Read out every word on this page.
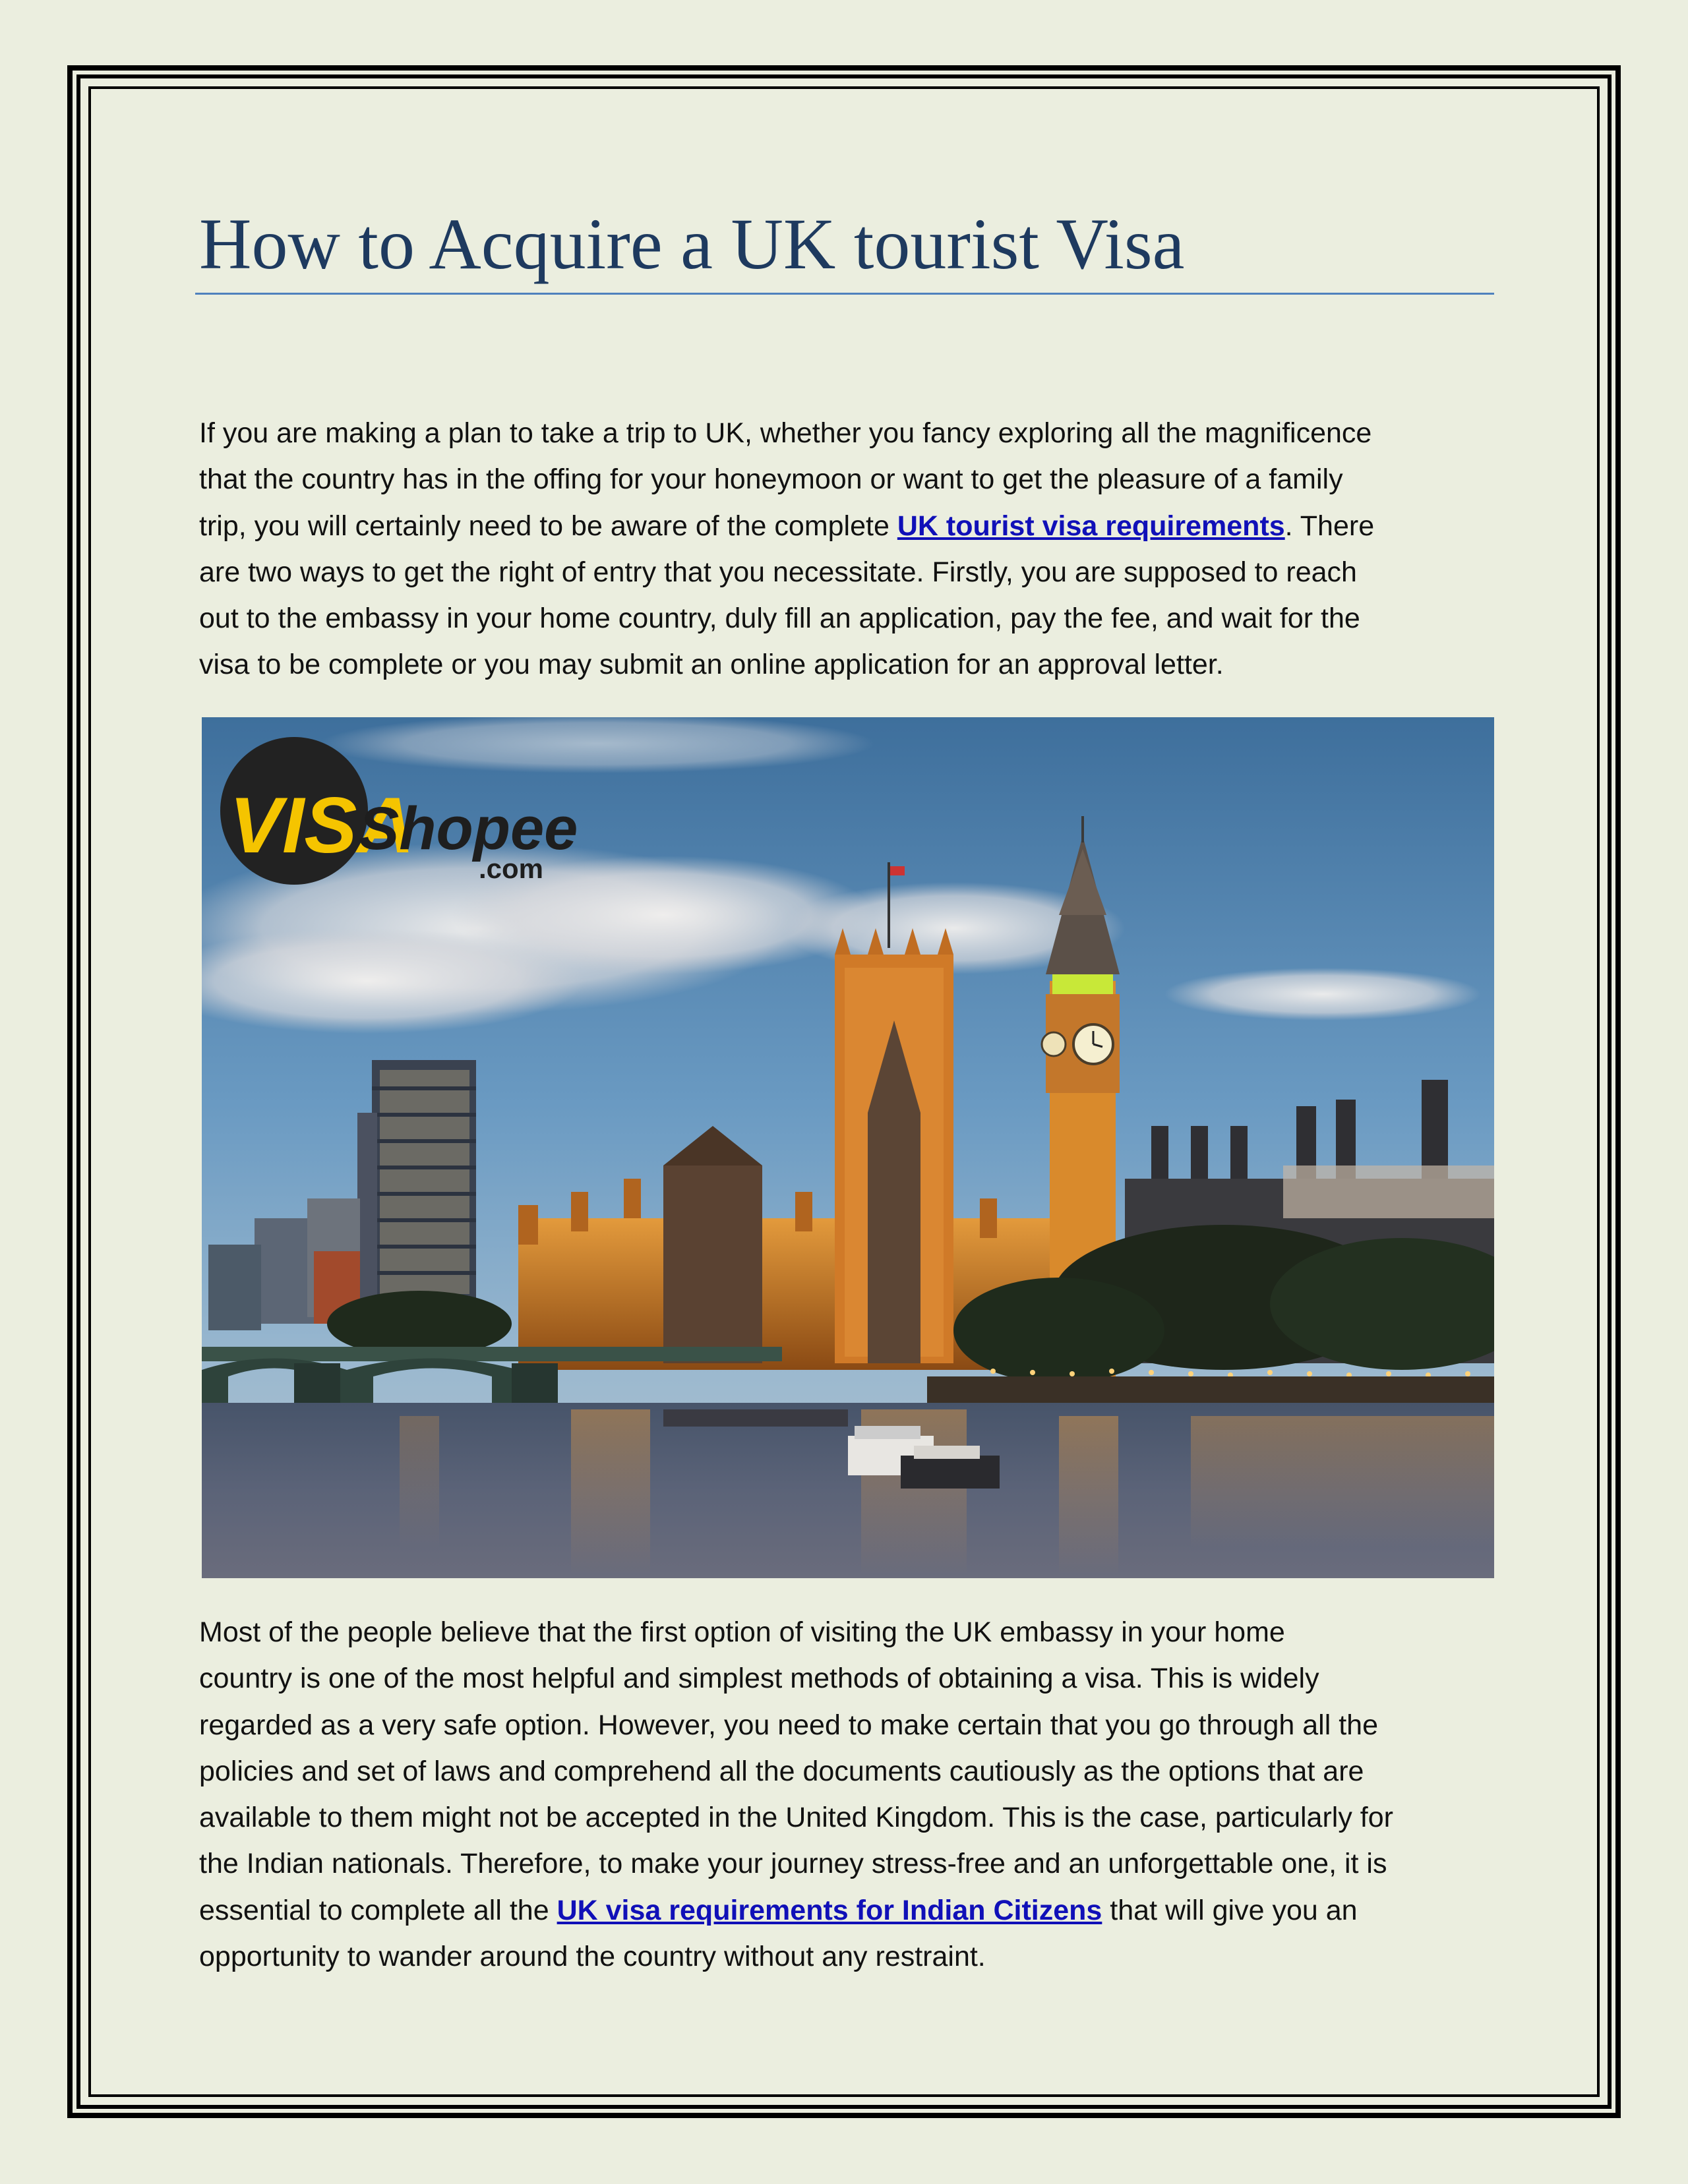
How to Acquire a UK tourist Visa
If you are making a plan to take a trip to UK, whether you fancy exploring all the magnificence
that the country has in the offing for your honeymoon or want to get the pleasure of a family
trip, you will certainly need to be aware of the complete UK tourist visa requirements. There
are two ways to get the right of entry that you necessitate. Firstly, you are supposed to reach
out to the embassy in your home country, duly fill an application, pay the fee, and wait for the
visa to be complete or you may submit an online application for an approval letter.
VISA
Shopee
.com
Most of the people believe that the first option of visiting the UK embassy in your home
country is one of the most helpful and simplest methods of obtaining a visa. This is widely
regarded as a very safe option. However, you need to make certain that you go through all the
policies and set of laws and comprehend all the documents cautiously as the options that are
available to them might not be accepted in the United Kingdom. This is the case, particularly for
the Indian nationals. Therefore, to make your journey stress-free and an unforgettable one, it is
essential to complete all the UK visa requirements for Indian Citizens that will give you an
opportunity to wander around the country without any restraint.
